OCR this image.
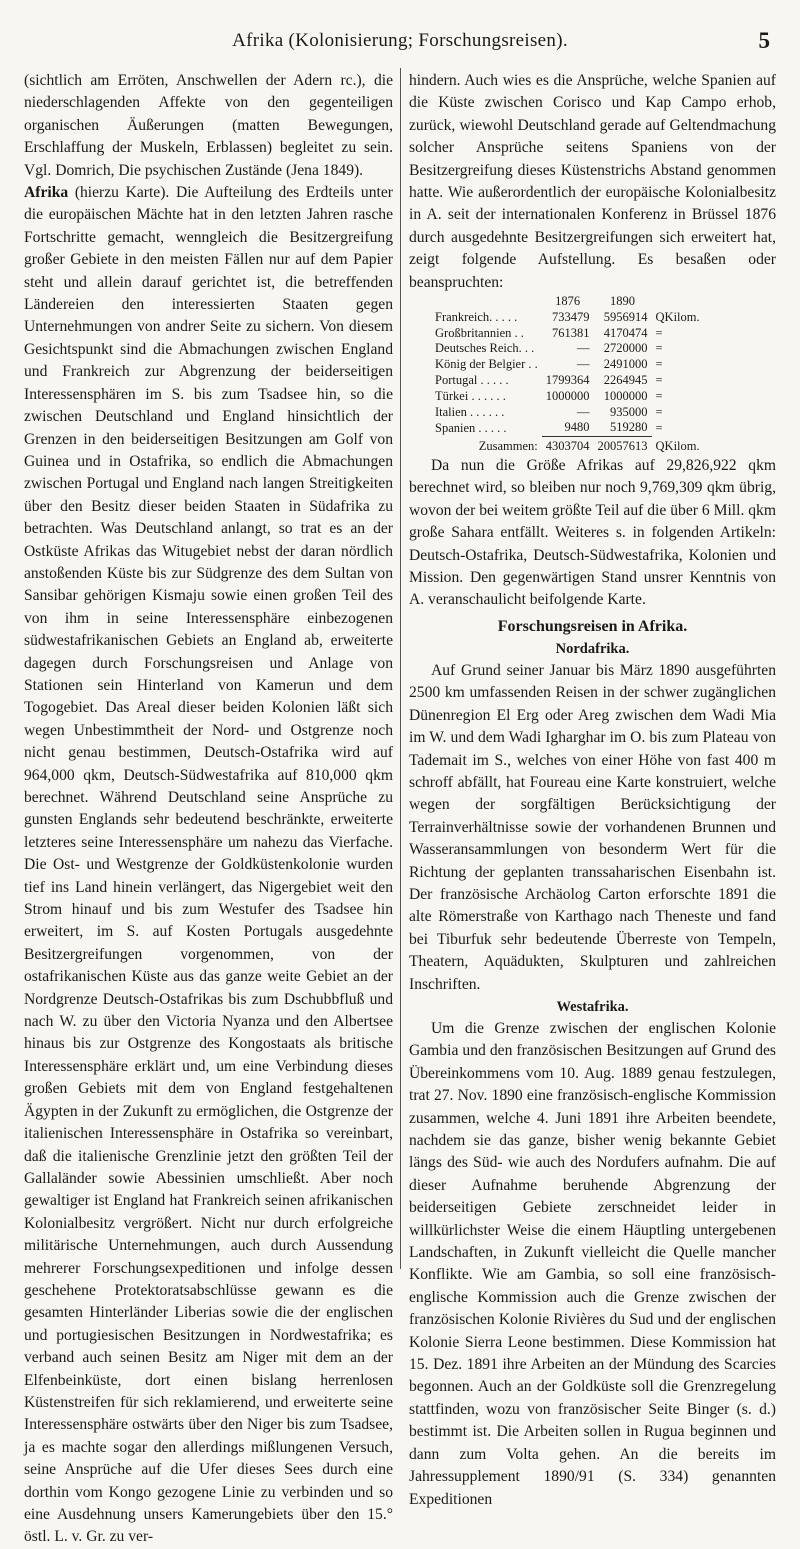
Afrika (Kolonisierung; Forschungsreisen).	5

(sichtlich am Erröten, Anschwellen der Adern rc.), die niederschlagenden Affekte von den gegenteiligen organischen Äußerungen (matten Bewegungen, Erschlaffung der Muskeln, Erblassen) begleitet zu sein. Vgl. Domrich, Die psychischen Zustände (Jena 1849).

Afrika (hierzu Karte). Die Aufteilung des Erdteils unter die europäischen Mächte hat in den letzten Jahren rasche Fortschritte gemacht, wenngleich die Besitzergreifung großer Gebiete in den meisten Fällen nur auf dem Papier steht und allein darauf gerichtet ist, die betreffenden Ländereien den interessierten Staaten gegen Unternehmungen von andrer Seite zu sichern. Von diesem Gesichtspunkt sind die Abmachungen zwischen England und Frankreich zur Abgrenzung der beiderseitigen Interessensphären im S. bis zum Tsadsee hin, so die zwischen Deutschland und England hinsichtlich der Grenzen in den beiderseitigen Besitzungen am Golf von Guinea und in Ostafrika, so endlich die Abmachungen zwischen Portugal und England nach langen Streitigkeiten über den Besitz dieser beiden Staaten in Südafrika zu betrachten. Was Deutschland anlangt, so trat es an der Ostküste Afrikas das Witugebiet nebst der daran nördlich anstoßenden Küste bis zur Südgrenze des dem Sultan von Sansibar gehörigen Kismaju sowie einen großen Teil des von ihm in seine Interessensphäre einbezogenen südwestafrikanischen Gebiets an England ab, erweiterte dagegen durch Forschungsreisen und Anlage von Stationen sein Hinterland von Kamerun und dem Togogebiet. Das Areal dieser beiden Kolonien läßt sich wegen Unbestimmtheit der Nord- und Ostgrenze noch nicht genau bestimmen, Deutsch-Ostafrika wird auf 964,000 qkm, Deutsch-Südwestafrika auf 810,000 qkm berechnet. Während Deutschland seine Ansprüche zu gunsten Englands sehr bedeutend beschränkte, erweiterte letzteres seine Interessensphäre um nahezu das Vierfache. Die Ost- und Westgrenze der Goldküstenkolonie wurden tief ins Land hinein verlängert, das Nigergebiet weit den Strom hinauf und bis zum Westufer des Tsadsee hin erweitert, im S. auf Kosten Portugals ausgedehnte Besitzergreifungen vorgenommen, von der ostafrikanischen Küste aus das ganze weite Gebiet an der Nordgrenze Deutsch-Ostafrikas bis zum Dschubbfluß und nach W. zu über den Victoria Nyanza und den Albertsee hinaus bis zur Ostgrenze des Kongostaats als britische Interessensphäre erklärt und, um eine Verbindung dieses großen Gebiets mit dem von England festgehaltenen Ägypten in der Zukunft zu ermöglichen, die Ostgrenze der italienischen Interessensphäre in Ostafrika so vereinbart, daß die italienische Grenzlinie jetzt den größten Teil der Gallaländer sowie Abessinien umschließt. Aber noch gewaltiger ist England hat Frankreich seinen afrikanischen Kolonialbesitz vergrößert. Nicht nur durch erfolgreiche militärische Unternehmungen, auch durch Aussendung mehrerer Forschungsexpeditionen und infolge dessen geschehene Protektoratsabschlüsse gewann es die gesamten Hinterländer Liberias sowie die der englischen und portugiesischen Besitzungen in Nordwestafrika; es verband auch seinen Besitz am Niger mit dem an der Elfenbeinküste, dort einen bislang herrenlosen Küstenstreifen für sich reklamierend, und erweiterte seine Interessensphäre ostwärts über den Niger bis zum Tsadsee, ja es machte sogar den allerdings mißlungenen Versuch, seine Ansprüche auf die Ufer dieses Sees durch eine dorthin vom Kongo gezogene Linie zu verbinden und so eine Ausdehnung unsers Kamerungebiets über den 15.° östl. L. v. Gr. zu ver-

hindern. Auch wies es die Ansprüche, welche Spanien auf die Küste zwischen Corisco und Kap Campo erhob, zurück, wiewohl Deutschland gerade auf Geltendmachung solcher Ansprüche seitens Spaniens von der Besitzergreifung dieses Küstenstrichs Abstand genommen hatte. Wie außerordentlich der europäische Kolonialbesitz in A. seit der internationalen Konferenz in Brüssel 1876 durch ausgedehnte Besitzergreifungen sich erweitert hat, zeigt folgende Aufstellung. Es besaßen oder beanspruchten:

	1876	1890	
Frankreich. . . . .	733479	5956914	QKilom.
Großbritannien . .	761381	4170474	=
Deutsches Reich. . .	—	2720000	=
König der Belgier . .	—	2491000	=
Portugal . . . . .	1799364	2264945	=
Türkei . . . . . .	1000000	1000000	=
Italien . . . . . .	—	935000	=
Spanien . . . . .	9480	519280	=
Zusammen:	4303704	20057613	QKilom.

Da nun die Größe Afrikas auf 29,826,922 qkm berechnet wird, so bleiben nur noch 9,769,309 qkm übrig, wovon der bei weitem größte Teil auf die über 6 Mill. qkm große Sahara entfällt. Weiteres s. in folgenden Artikeln: Deutsch-Ostafrika, Deutsch-Südwestafrika, Kolonien und Mission. Den gegenwärtigen Stand unsrer Kenntnis von A. veranschaulicht beifolgende Karte.

Forschungsreisen in Afrika.
Nordafrika.

Auf Grund seiner Januar bis März 1890 ausgeführten 2500 km umfassenden Reisen in der schwer zugänglichen Dünenregion El Erg oder Areg zwischen dem Wadi Mia im W. und dem Wadi Igharghar im O. bis zum Plateau von Tademait im S., welches von einer Höhe von fast 400 m schroff abfällt, hat Foureau eine Karte konstruiert, welche wegen der sorgfältigen Berücksichtigung der Terrainverhältnisse sowie der vorhandenen Brunnen und Wasseransammlungen von besonderm Wert für die Richtung der geplanten transsaharischen Eisenbahn ist. Der französische Archäolog Carton erforschte 1891 die alte Römerstraße von Karthago nach Theneste und fand bei Tiburfuk sehr bedeutende Überreste von Tempeln, Theatern, Aquädukten, Skulpturen und zahlreichen Inschriften.

Westafrika.

Um die Grenze zwischen der englischen Kolonie Gambia und den französischen Besitzungen auf Grund des Übereinkommens vom 10. Aug. 1889 genau festzulegen, trat 27. Nov. 1890 eine französisch-englische Kommission zusammen, welche 4. Juni 1891 ihre Arbeiten beendete, nachdem sie das ganze, bisher wenig bekannte Gebiet längs des Süd- wie auch des Nordufers aufnahm. Die auf dieser Aufnahme beruhende Abgrenzung der beiderseitigen Gebiete zerschneidet leider in willkürlichster Weise die einem Häuptling untergebenen Landschaften, in Zukunft vielleicht die Quelle mancher Konflikte. Wie am Gambia, so soll eine französisch-englische Kommission auch die Grenze zwischen der französischen Kolonie Rivières du Sud und der englischen Kolonie Sierra Leone bestimmen. Diese Kommission hat 15. Dez. 1891 ihre Arbeiten an der Mündung des Scarcies begonnen. Auch an der Goldküste soll die Grenzregelung stattfinden, wozu von französischer Seite Binger (s. d.) bestimmt ist. Die Arbeiten sollen in Rugua beginnen und dann zum Volta gehen. An die bereits im Jahressupplement 1890/91 (S. 334) genannten Expeditionen
